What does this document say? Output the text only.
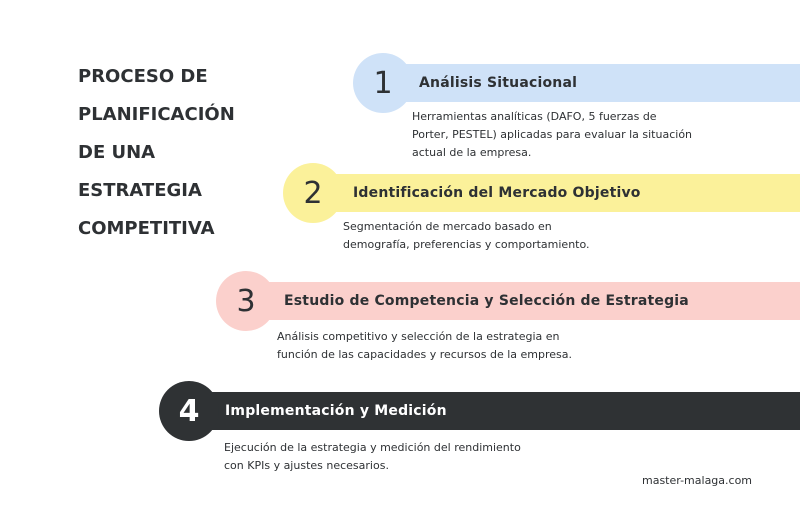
PROCESO DE
PLANIFICACIÓN
DE UNA
ESTRATEGIA
COMPETITIVA
Análisis Situacional
1
Herramientas analíticas (DAFO, 5 fuerzas de
Porter, PESTEL) aplicadas para evaluar la situación
actual de la empresa.
Identificación del Mercado Objetivo
2
Segmentación de mercado basado en
demografía, preferencias y comportamiento.
Estudio de Competencia y Selección de Estrategia
3
Análisis competitivo y selección de la estrategia en
función de las capacidades y recursos de la empresa.
Implementación y Medición
4
Ejecución de la estrategia y medición del rendimiento
con KPIs y ajustes necesarios.
master-malaga.com
